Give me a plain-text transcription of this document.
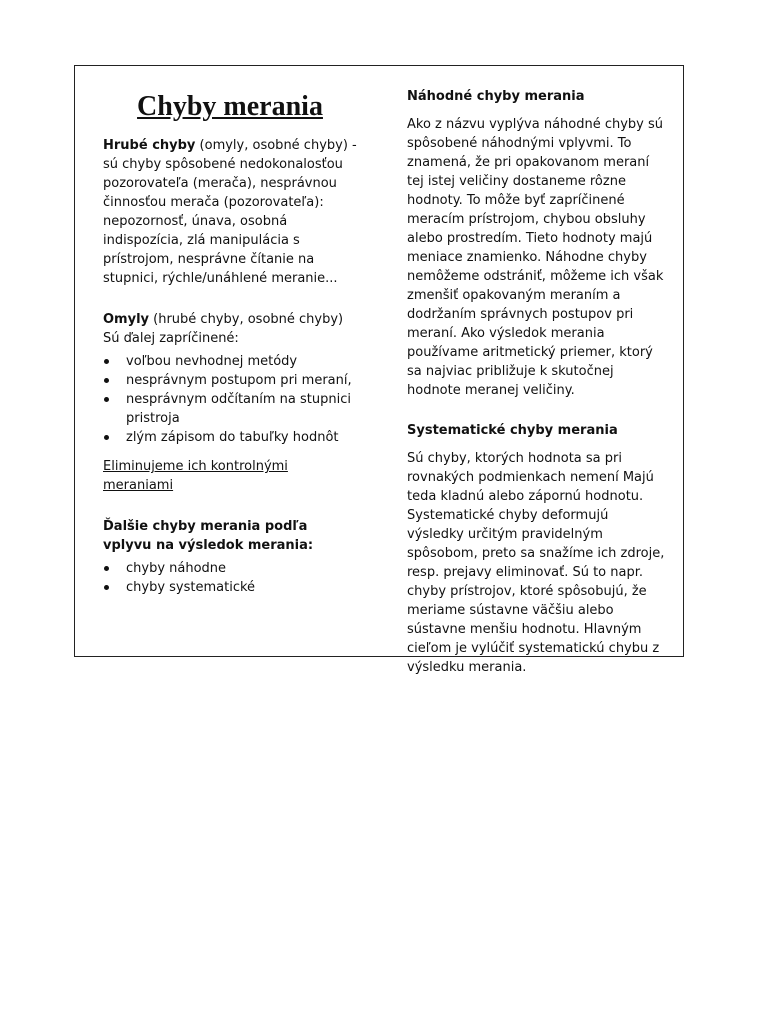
Chyby merania

Hrubé chyby (omyly, osobné chyby) - sú chyby spôsobené nedokonalosťou pozorovateľa (merača), nesprávnou činnosťou merača (pozorovateľa): nepozornosť, únava, osobná indispozícia, zlá manipulácia s prístrojom, nesprávne čítanie na stupnici, rýchle/unáhlené meranie...

Omyly (hrubé chyby, osobné chyby)
Sú ďalej zapríčinené:

voľbou nevhodnej metódy
nesprávnym postupom pri meraní,
nesprávnym odčítaním na stupnici pristroja
zlým zápisom do tabuľky hodnôt

Eliminujeme ich kontrolnými meraniami

Ďalšie chyby merania podľa vplyvu na výsledok merania:

chyby náhodne
chyby systematické

Náhodné chyby merania

Ako z názvu vyplýva náhodné chyby sú spôsobené náhodnými vplyvmi. To znamená, že pri opakovanom meraní tej istej veličiny dostaneme rôzne hodnoty. To môže byť zapríčinené meracím prístrojom, chybou obsluhy alebo prostredím. Tieto hodnoty majú meniace znamienko. Náhodne chyby nemôžeme odstrániť, môžeme ich však zmenšiť opakovaným meraním a dodržaním správnych postupov pri meraní. Ako výsledok merania používame aritmetický priemer, ktorý sa najviac približuje k skutočnej hodnote meranej veličiny.

Systematické chyby merania

Sú chyby, ktorých hodnota sa pri rovnakých podmienkach nemení Majú teda kladnú alebo zápornú hodnotu. Systematické chyby deformujú výsledky určitým pravidelným spôsobom, preto sa snažíme ich zdroje, resp. prejavy eliminovať. Sú to napr. chyby prístrojov, ktoré spôsobujú, že meriame sústavne väčšiu alebo sústavne menšiu hodnotu. Hlavným cieľom je vylúčiť systematickú chybu z výsledku merania.
